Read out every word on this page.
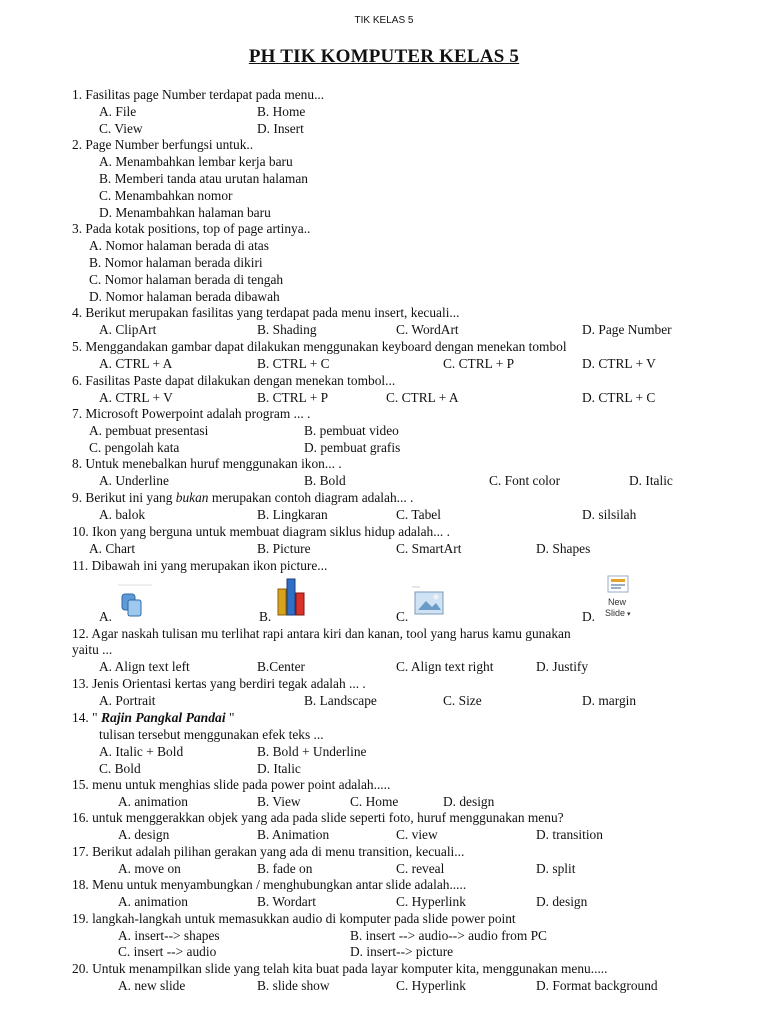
TIK KELAS 5
PH TIK KOMPUTER KELAS 5
1. Fasilitas page Number terdapat pada menu...
A. File	B. Home
C. View	D. Insert
2. Page Number berfungsi untuk..
A. Menambahkan lembar kerja baru
B. Memberi tanda atau urutan halaman
C. Menambahkan nomor
D. Menambahkan halaman baru
3. Pada kotak positions, top of page artinya..
A. Nomor halaman berada di atas
B. Nomor halaman berada dikiri
C. Nomor halaman berada di tengah
D. Nomor halaman berada dibawah
4. Berikut merupakan fasilitas yang terdapat pada menu insert, kecuali...
A. ClipArt	B. Shading	C. WordArt	D. Page Number
5. Menggandakan gambar dapat dilakukan menggunakan keyboard dengan menekan tombol
A. CTRL + A	B. CTRL + C	C. CTRL + P	D. CTRL + V
6. Fasilitas Paste dapat dilakukan dengan menekan tombol...
A. CTRL + V	B. CTRL + P	C. CTRL + A	D. CTRL + C
7. Microsoft Powerpoint adalah program ... .
A. pembuat presentasi	B. pembuat video
C. pengolah kata	D. pembuat grafis
8. Untuk menebalkan huruf menggunakan ikon... .
A. Underline	B. Bold	C. Font color	D. Italic
9. Berikut ini yang bukan merupakan contoh diagram adalah... .
A. balok	B. Lingkaran	C. Tabel	D. silsilah
10. Ikon yang berguna untuk membuat diagram siklus hidup adalah... .
A. Chart	B. Picture	C. SmartArt	D. Shapes
11. Dibawah ini yang merupakan ikon picture...
A.	B.	C.	D.
New
Slide ▾
12. Agar naskah tulisan mu terlihat rapi antara kiri dan kanan, tool yang harus kamu gunakan
yaitu ...
A. Align text left	B.Center	C. Align text right	D. Justify
13. Jenis Orientasi kertas yang berdiri tegak adalah ... .
A. Portrait	B. Landscape	C. Size	D. margin
14. " Rajin Pangkal Pandai "
tulisan tersebut menggunakan efek teks ...
A. Italic + Bold	B. Bold + Underline
C. Bold	D. Italic
15. menu untuk menghias slide pada power point adalah.....
A. animation	B. View	C. Home	D. design
16. untuk menggerakkan objek yang ada pada slide seperti foto, huruf menggunakan menu?
A. design	B. Animation	C. view	D. transition
17. Berikut adalah pilihan gerakan yang ada di menu transition, kecuali...
A. move on	B. fade on	C. reveal	D. split
18. Menu untuk menyambungkan / menghubungkan antar slide adalah.....
A. animation	B. Wordart	C. Hyperlink	D. design
19. langkah-langkah untuk memasukkan audio di komputer pada slide power point
A. insert--> shapes	B. insert --> audio--> audio from PC
C. insert --> audio	D. insert--> picture
20. Untuk menampilkan slide yang telah kita buat pada layar komputer kita, menggunakan menu.....
A. new slide	B. slide show	C. Hyperlink	D. Format background
